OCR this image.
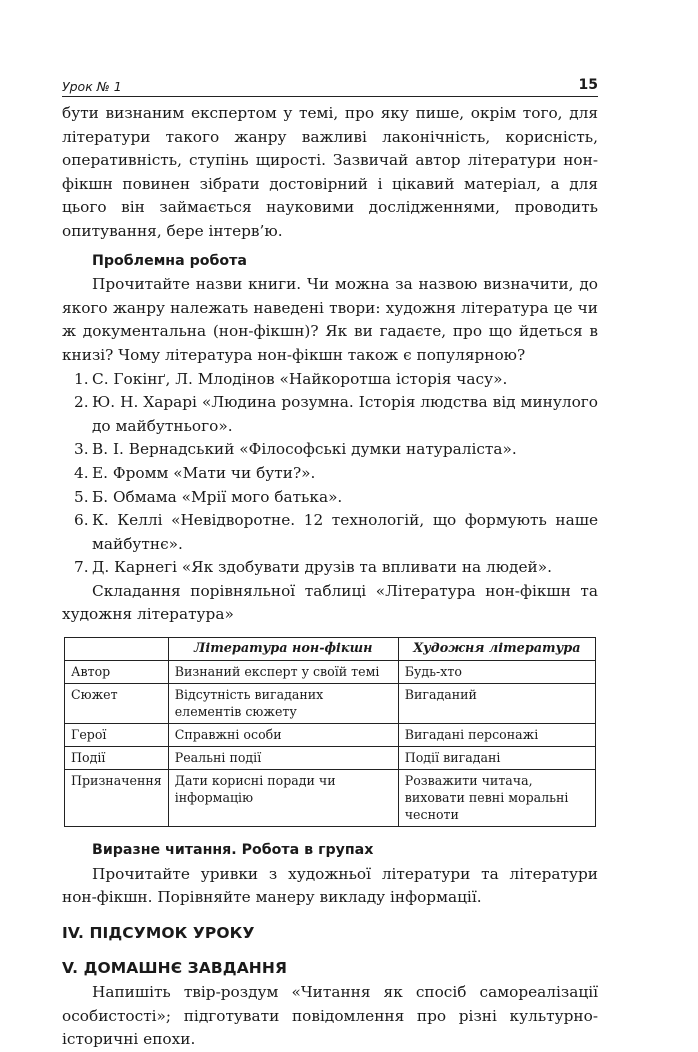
Урок № 1	15

бути визнаним експертом у темі, про яку пише, окрім того, для літератури такого жанру важливі лаконічність, корисність, оперативність, ступінь щирості. Зазвичай автор літератури нон-фікшн повинен зібрати достовірний і цікавий матеріал, а для цього він займається науковими дослідженнями, проводить опитування, бере інтерв’ю.

Проблемна робота

Прочитайте назви книги. Чи можна за назвою визначити, до якого жанру належать наведені твори: художня література це чи ж документальна (нон-фікшн)? Як ви гадаєте, про що йдеться в книзі? Чому література нон-фікшн також є популярною?

1. С. Гокінґ, Л. Млодінов «Найкоротша історія часу».
2. Ю. Н. Харарі «Людина розумна. Історія людства від минулого до майбутнього».
3. В. І. Вернадський «Філософські думки натураліста».
4. Е. Фромм «Мати чи бути?».
5. Б. Обмама «Мрії мого батька».
6. К. Келлі «Невідворотне. 12 технологій, що формують наше майбутнє».
7. Д. Карнегі «Як здобувати друзів та впливати на людей».

Складання порівняльної таблиці «Література нон-фікшн та художня література»

	Література нон-фікшн	Художня література
Автор	Визнаний експерт у своїй темі	Будь-хто
Сюжет	Відсутність вигаданих елементів сюжету	Вигаданий
Герої	Справжні особи	Вигадані персонажі
Події	Реальні події	Події вигадані
Призначення	Дати корисні поради чи інформацію	Розважити читача, виховати певні моральні чесноти

Виразне читання. Робота в групах

Прочитайте уривки з художньої літератури та літератури нон-фікшн. Порівняйте манеру викладу інформації.

IV. ПІДСУМОК УРОКУ

V. ДОМАШНЄ ЗАВДАННЯ

Напишіть твір-роздум «Читання як спосіб самореалізації особистості»; підготувати повідомлення про різні культурно-історичні епохи.
